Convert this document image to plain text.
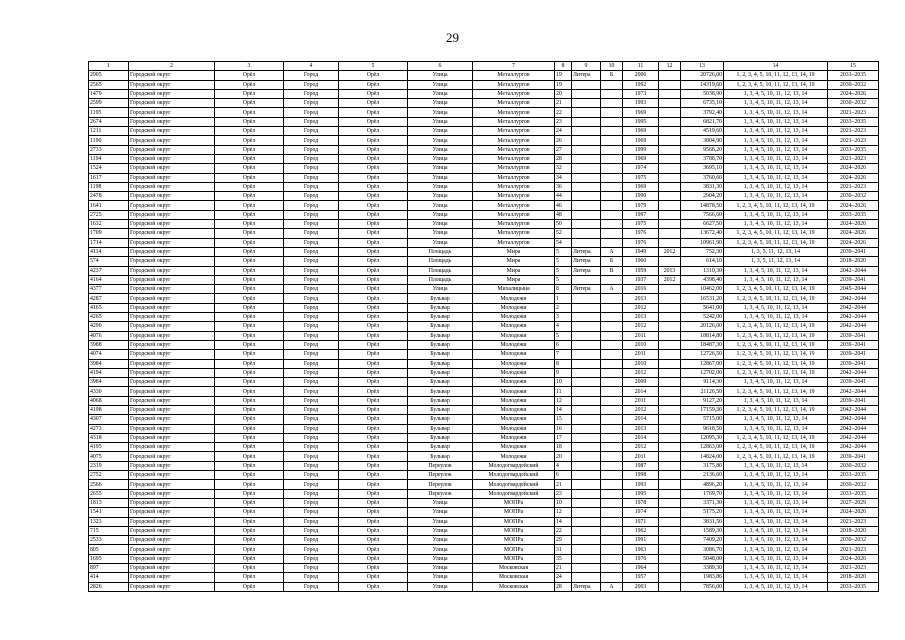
29
1	2	3	4	5	6	7	8	9	10	11	12	13	14	15
2905	Городской округ	Орёл	Город	Орёл	Улица	Металлургов	19	Литера	Б	2006		20726,00	1, 2, 3, 4, 5, 10, 11, 12, 13, 14, 19	2033–2035
2565	Городской округ	Орёл	Город	Орёл	Улица	Металлургов	19			1992		14319,60	1, 2, 3, 4, 5, 10, 11, 12, 13, 14, 19	2030–2032
1479	Городской округ	Орёл	Город	Орёл	Улица	Металлургов	20			1973		5038,90	1, 3, 4, 5, 10, 11, 12, 13, 14	2024–2026
2599	Городской округ	Орёл	Город	Орёл	Улица	Металлургов	21			1993		6735,10	1, 3, 4, 5, 10, 11, 12, 13, 14	2030–2032
1195	Городской округ	Орёл	Город	Орёл	Улица	Металлургов	22			1969		3792,40	1, 3, 4, 5, 10, 11, 12, 13, 14	2021–2023
2674	Городской округ	Орёл	Город	Орёл	Улица	Металлургов	23			1995		6821,70	1, 3, 4, 5, 10, 11, 12, 13, 14	2033–2035
1211	Городской округ	Орёл	Город	Орёл	Улица	Металлургов	24			1969		4519,60	1, 3, 4, 5, 10, 11, 12, 13, 14	2021–2023
1196	Городской округ	Орёл	Город	Орёл	Улица	Металлургов	26			1969		3804,90	1, 3, 4, 5, 10, 11, 12, 13, 14	2021–2023
2733	Городской округ	Орёл	Город	Орёл	Улица	Металлургов	27			1999		9568,20	1, 3, 4, 5, 10, 11, 12, 13, 14	2033–2035
1194	Городской округ	Орёл	Город	Орёл	Улица	Металлургов	28			1969		3788,70	1, 3, 4, 5, 10, 11, 12, 13, 14	2021–2023
1524	Городской округ	Орёл	Город	Орёл	Улица	Металлургов	32			1974		3695,10	1, 3, 4, 5, 10, 11, 12, 13, 14	2024–2026
1617	Городской округ	Орёл	Город	Орёл	Улица	Металлургов	34			1975		3760,60	1, 3, 4, 5, 10, 11, 12, 13, 14	2024–2026
1198	Городской округ	Орёл	Город	Орёл	Улица	Металлургов	36			1969		3831,30	1, 3, 4, 5, 10, 11, 12, 13, 14	2021–2023
2478	Городской округ	Орёл	Город	Орёл	Улица	Металлургов	44			1990		2904,20	1, 3, 4, 5, 10, 11, 12, 13, 14	2030–2032
1641	Городской округ	Орёл	Город	Орёл	Улица	Металлургов	46			1979		14878,50	1, 2, 3, 4, 5, 10, 11, 12, 13, 14, 19	2024–2026
2725	Городской округ	Орёл	Город	Орёл	Улица	Металлургов	48			1997		7566,60	1, 3, 4, 5, 10, 11, 12, 13, 14	2033–2035
1632	Городской округ	Орёл	Город	Орёл	Улица	Металлургов	50			1975		6627,50	1, 3, 4, 5, 10, 11, 12, 13, 14	2024–2026
1709	Городской округ	Орёл	Город	Орёл	Улица	Металлургов	52			1976		13672,40	1, 2, 3, 4, 5, 10, 11, 12, 13, 14, 19	2024–2026
1714	Городской округ	Орёл	Город	Орёл	Улица	Металлургов	54			1976		10961,90	1, 2, 3, 4, 5, 10, 11, 12, 13, 14, 19	2024–2026
4114	Городской округ	Орёл	Город	Орёл	Площадь	Мира	5	Литера	А	1949	2012	752,30	1, 3, 5, 11, 12, 13, 14	2039–2041
574	Городской округ	Орёл	Город	Орёл	Площадь	Мира	5	Литера	Б	1960		614,10	1, 3, 5, 11, 12, 13, 14	2018–2020
4237	Городской округ	Орёл	Город	Орёл	Площадь	Мира	5	Литера	В	1959	2013	1310,30	1, 3, 4, 5, 10, 11, 12, 13, 14	2042–2044
4164	Городской округ	Орёл	Город	Орёл	Площадь	Мира	5			1937	2012	4398,40	1, 3, 4, 5, 10, 11, 12, 13, 14	2039–2041
4377	Городской округ	Орёл	Город	Орёл	Улица	Михалицына	8	Литера	А	2016		10462,00	1, 2, 3, 4, 5, 10, 11, 12, 13, 14, 19	2045–2044
4287	Городской округ	Орёл	Город	Орёл	Бульвар	Молодежи	1			2013		16531,20	1, 2, 3, 4, 5, 10, 11, 12, 13, 14, 19	2042–2044
4165	Городской округ	Орёл	Город	Орёл	Бульвар	Молодежи	2			2012		5641,00	1, 3, 4, 5, 10, 11, 12, 13, 14	2042–2044
4265	Городской округ	Орёл	Город	Орёл	Бульвар	Молодежи	3			2013		5242,00	1, 3, 4, 5, 10, 11, 12, 13, 14	2042–2044
4290	Городской округ	Орёл	Город	Орёл	Бульвар	Молодежи	4			2012		20126,00	1, 2, 3, 4, 5, 10, 11, 12, 13, 14, 19	2042–2044
4076	Городской округ	Орёл	Город	Орёл	Бульвар	Молодежи	5			2011		18814,80	1, 2, 3, 4, 5, 10, 11, 12, 13, 14, 19	2039–2041
3988	Городской округ	Орёл	Город	Орёл	Бульвар	Молодежи	6			2010		18487,30	1, 2, 3, 4, 5, 10, 11, 12, 13, 14, 19	2039–2041
4074	Городской округ	Орёл	Город	Орёл	Бульвар	Молодежи	7			2011		12726,50	1, 2, 3, 4, 5, 10, 11, 12, 13, 14, 19	2039–2041
3984	Городской округ	Орёл	Город	Орёл	Бульвар	Молодежи	8			2010		12867,00	1, 2, 3, 4, 5, 10, 11, 12, 13, 14, 19	2039–2041
4194	Городской округ	Орёл	Город	Орёл	Бульвар	Молодежи	9			2012		12702,00	1, 2, 3, 4, 5, 10, 11, 12, 13, 14, 19	2042–2044
3984	Городской округ	Орёл	Город	Орёл	Бульвар	Молодежи	10			2009		9114,30	1, 3, 4, 5, 10, 11, 12, 13, 14	2039–2041
4330	Городской округ	Орёл	Город	Орёл	Бульвар	Молодежи	11			2014		21126,50	1, 2, 3, 4, 5, 10, 11, 12, 13, 14, 19	2042–2044
4068	Городской округ	Орёл	Город	Орёл	Бульвар	Молодежи	12			2011		9127,20	1, 3, 4, 5, 10, 11, 12, 13, 14	2039–2041
4198	Городской округ	Орёл	Город	Орёл	Бульвар	Молодежи	14			2012		17159,30	1, 2, 3, 4, 5, 10, 11, 12, 13, 14, 19	2042–2044
4307	Городской округ	Орёл	Город	Орёл	Бульвар	Молодежи	15			2014		5715,00	1, 3, 4, 5, 10, 11, 12, 13, 14	2042–2044
4273	Городской округ	Орёл	Город	Орёл	Бульвар	Молодежи	16			2013		9618,50	1, 3, 4, 5, 10, 11, 12, 13, 14	2042–2044
4318	Городской округ	Орёл	Город	Орёл	Бульвар	Молодежи	17			2014		12095,30	1, 2, 3, 4, 5, 10, 11, 12, 13, 14, 19	2042–2044
4195	Городской округ	Орёл	Город	Орёл	Бульвар	Молодежи	18			2012		12863,00	1, 2, 3, 4, 5, 10, 11, 12, 13, 14, 19	2042–2044
4075	Городской округ	Орёл	Город	Орёл	Бульвар	Молодежи	20			2011		14824,00	1, 2, 3, 4, 5, 10, 11, 12, 13, 14, 19	2039–2041
2319	Городской округ	Орёл	Город	Орёл	Переулок	Молодогвардейский	4			1987		3175,80	1, 3, 4, 5, 10, 11, 12, 13, 14	2030–2032
2752	Городской округ	Орёл	Город	Орёл	Переулок	Молодогвардейский	6			1998		2136,60	1, 3, 4, 5, 10, 11, 12, 13, 14	2033–2035
2566	Городской округ	Орёл	Город	Орёл	Переулок	Молодогвардейский	21			1993		4896,20	1, 3, 4, 5, 10, 11, 12, 13, 14	2030–2032
2655	Городской округ	Орёл	Город	Орёл	Переулок	Молодогвардейский	23			1995		1769,70	1, 3, 4, 5, 10, 11, 12, 13, 14	2033–2035
1813	Городской округ	Орёл	Город	Орёл	Улица	МОПРа	10			1978		3371,30	1, 3, 4, 5, 10, 11, 12, 13, 14	2027–2029
1541	Городской округ	Орёл	Город	Орёл	Улица	МОПРа	12			1974		5175,20	1, 3, 4, 5, 10, 11, 12, 13, 14	2024–2026
1323	Городской округ	Орёл	Город	Орёл	Улица	МОПРа	14			1971		3831,50	1, 3, 4, 5, 10, 11, 12, 13, 14	2021–2023
715	Городской округ	Орёл	Город	Орёл	Улица	МОПРа	22			1962		1589,30	1, 3, 4, 5, 10, 11, 12, 13, 14	2018–2020
2533	Городской округ	Орёл	Город	Орёл	Улица	МОПРа	29			1991		7409,20	1, 3, 4, 5, 10, 11, 12, 13, 14	2030–2032
805	Городской округ	Орёл	Город	Орёл	Улица	МОПРа	31			1963		3086,70	1, 3, 4, 5, 10, 11, 12, 13, 14	2021–2023
1695	Городской округ	Орёл	Город	Орёл	Улица	МОПРа	35			1976		5048,00	1, 3, 4, 5, 10, 11, 12, 13, 14	2024–2026
897	Городской округ	Орёл	Город	Орёл	Улица	Московская	21			1964		3389,30	1, 3, 4, 5, 10, 11, 12, 13, 14	2021–2023
414	Городской округ	Орёл	Город	Орёл	Улица	Московская	24			1957		1983,86	1, 3, 4, 5, 10, 11, 12, 13, 14	2018–2020
2826	Городской округ	Орёл	Город	Орёл	Улица	Московская	28	Литера	А	2003		7856,00	1, 3, 4, 5, 10, 11, 12, 13, 14	2033–2035
